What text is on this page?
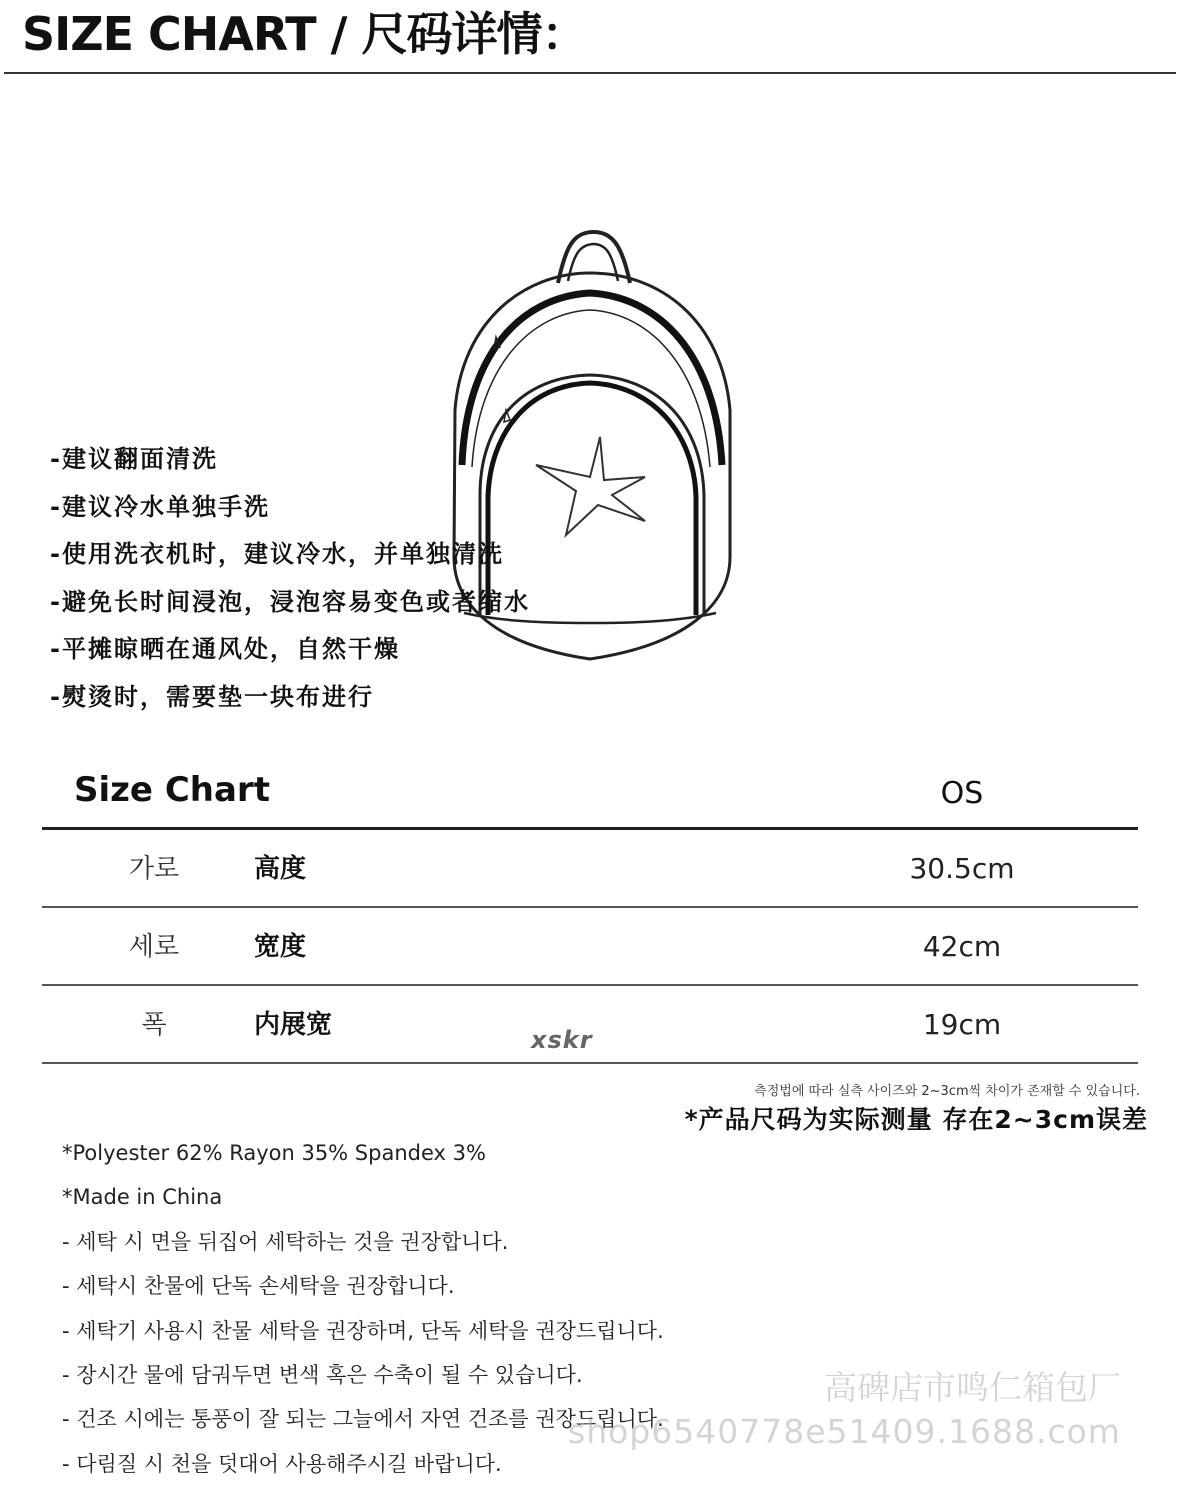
SIZE CHART / 尺码详情：
-建议翻面清洗
-建议冷水单独手洗
-使用洗衣机时，建议冷水，并单独清洗
-避免长时间浸泡，浸泡容易变色或者缩水
-平摊晾晒在通风处，自然干燥
-熨烫时，需要垫一块布进行
Size Chart	OS
가로	高度	30.5cm
세로	宽度	42cm
폭	内展宽	19cm
xskr
측정법에 따라 실측 사이즈와 2~3cm씩 차이가 존재할 수 있습니다.
*产品尺码为实际测量 存在2~3cm误差
*Polyester 62% Rayon 35% Spandex 3%
*Made in China
- 세탁 시 면을 뒤집어 세탁하는 것을 권장합니다.
- 세탁시 찬물에 단독 손세탁을 권장합니다.
- 세탁기 사용시 찬물 세탁을 권장하며, 단독 세탁을 권장드립니다.
- 장시간 물에 담궈두면 변색 혹은 수축이 될 수 있습니다.
- 건조 시에는 통풍이 잘 되는 그늘에서 자연 건조를 권장드립니다.
- 다림질 시 천을 덧대어 사용해주시길 바랍니다.
高碑店市鸣仁箱包厂
shop6540778e51409.1688.com
